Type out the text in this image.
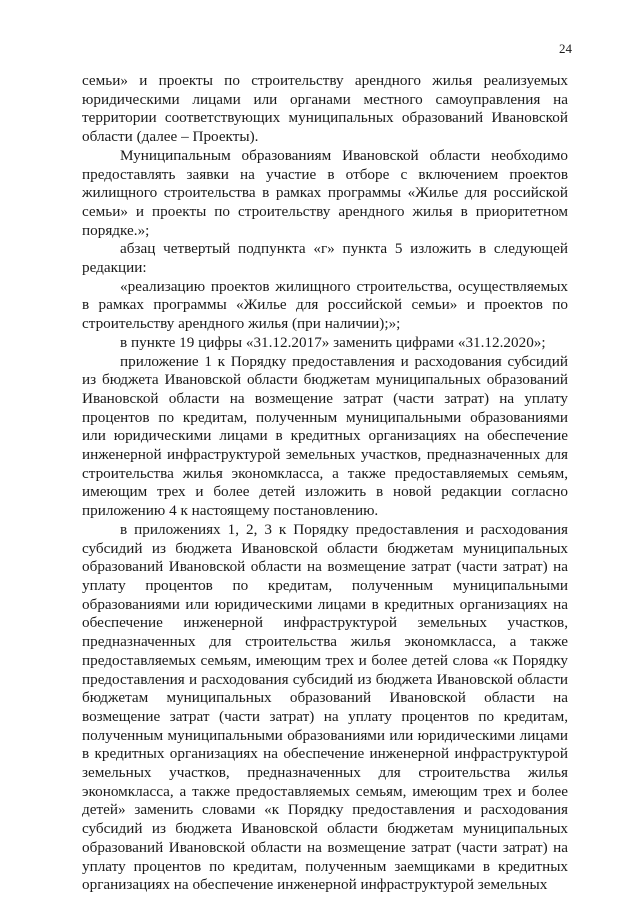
24

семьи» и проекты по строительству арендного жилья реализуемых юридическими лицами или органами местного самоуправления на территории соответствующих муниципальных образований Ивановской области (далее – Проекты).

Муниципальным образованиям Ивановской области необходимо предоставлять заявки на участие в отборе с включением проектов жилищного строительства в рамках программы «Жилье для российской семьи» и проекты по строительству арендного жилья в приоритетном порядке.»;

абзац четвертый подпункта «г» пункта 5 изложить в следующей редакции:

«реализацию проектов жилищного строительства, осуществляемых в рамках программы «Жилье для российской семьи» и проектов по строительству арендного жилья (при наличии);»;

в пункте 19 цифры «31.12.2017» заменить цифрами «31.12.2020»;

приложение 1 к Порядку предоставления и расходования субсидий из бюджета Ивановской области бюджетам муниципальных образований Ивановской области на возмещение затрат (части затрат) на уплату процентов по кредитам, полученным муниципальными образованиями или юридическими лицами в кредитных организациях на обеспечение инженерной инфраструктурой земельных участков, предназначенных для строительства жилья экономкласса, а также предоставляемых семьям, имеющим трех и более детей изложить в новой редакции согласно приложению 4 к настоящему постановлению.

в приложениях 1, 2, 3 к Порядку предоставления и расходования субсидий из бюджета Ивановской области бюджетам муниципальных образований Ивановской области на возмещение затрат (части затрат) на уплату процентов по кредитам, полученным муниципальными образованиями или юридическими лицами в кредитных организациях на обеспечение инженерной инфраструктурой земельных участков, предназначенных для строительства жилья экономкласса, а также предоставляемых семьям, имеющим трех и более детей слова «к Порядку предоставления и расходования субсидий из бюджета Ивановской области бюджетам муниципальных образований Ивановской области на возмещение затрат (части затрат) на уплату процентов по кредитам, полученным муниципальными образованиями или юридическими лицами в кредитных организациях на обеспечение инженерной инфраструктурой земельных участков, предназначенных для строительства жилья экономкласса, а также предоставляемых семьям, имеющим трех и более детей» заменить словами «к Порядку предоставления и расходования субсидий из бюджета Ивановской области бюджетам муниципальных образований Ивановской области на возмещение затрат (части затрат) на уплату процентов по кредитам, полученным заемщиками в кредитных организациях на обеспечение инженерной инфраструктурой земельных
